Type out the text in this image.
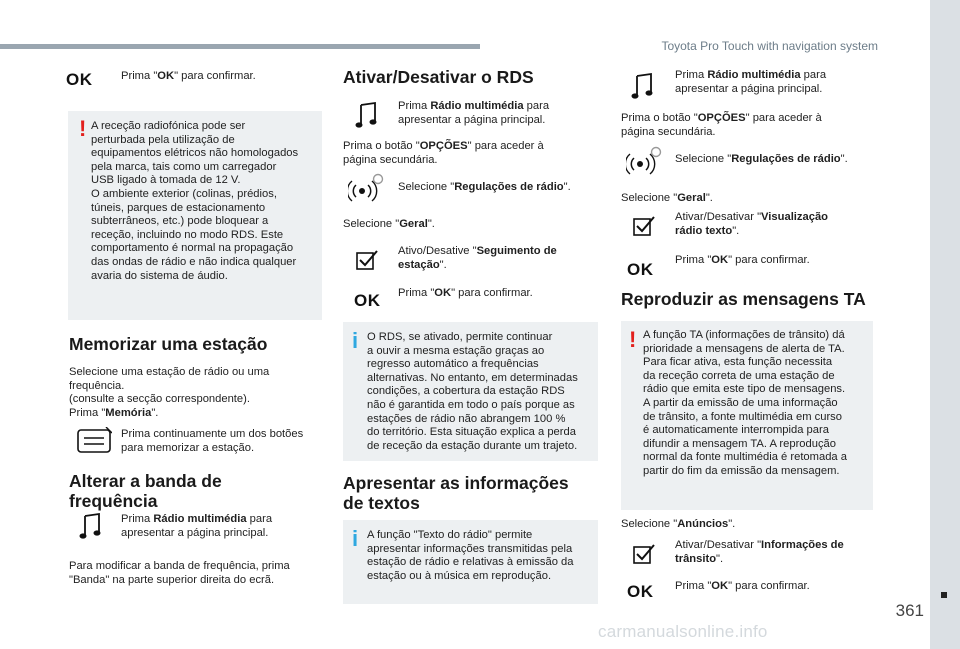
Toyota Pro Touch with navigation system
361
carmanualsonline.info
OK	Prima "OK" para confirmar.
! A receção radiofónica pode ser
perturbada pela utilização de
equipamentos elétricos não homologados
pela marca, tais como um carregador
USB ligado à tomada de 12 V.
O ambiente exterior (colinas, prédios,
túneis, parques de estacionamento
subterrâneos, etc.) pode bloquear a
receção, incluindo no modo RDS. Este
comportamento é normal na propagação
das ondas de rádio e não indica qualquer
avaria do sistema de áudio.
Memorizar uma estação
Selecione uma estação de rádio ou uma
frequência.
(consulte a secção correspondente).
Prima "Memória".
Prima continuamente um dos botões
para memorizar a estação.
Alterar a banda de
frequência
Prima Rádio multimédia para
apresentar a página principal.
Para modificar a banda de frequência, prima
"Banda" na parte superior direita do ecrã.
Ativar/Desativar o RDS
Prima Rádio multimédia para
apresentar a página principal.
Prima o botão "OPÇÕES" para aceder à
página secundária.
Selecione "Regulações de rádio".
Selecione "Geral".
Ativo/Desative "Seguimento de
estação".
OK Prima "OK" para confirmar.
i O RDS, se ativado, permite continuar
a ouvir a mesma estação graças ao
regresso automático a frequências
alternativas. No entanto, em determinadas
condições, a cobertura da estação RDS
não é garantida em todo o país porque as
estações de rádio não abrangem 100 %
do território. Esta situação explica a perda
de receção da estação durante um trajeto.
Apresentar as informações
de textos
i A função "Texto do rádio" permite
apresentar informações transmitidas pela
estação de rádio e relativas à emissão da
estação ou à música em reprodução.
Prima Rádio multimédia para
apresentar a página principal.
Prima o botão "OPÇÕES" para aceder à
página secundária.
Selecione "Regulações de rádio".
Selecione "Geral".
Ativar/Desativar "Visualização
rádio texto".
OK Prima "OK" para confirmar.
Reproduzir as mensagens TA
! A função TA (informações de trânsito) dá
prioridade a mensagens de alerta de TA.
Para ficar ativa, esta função necessita
da receção correta de uma estação de
rádio que emita este tipo de mensagens.
A partir da emissão de uma informação
de trânsito, a fonte multimédia em curso
é automaticamente interrompida para
difundir a mensagem TA. A reprodução
normal da fonte multimédia é retomada a
partir do fim da emissão da mensagem.
Selecione "Anúncios".
Ativar/Desativar "Informações de
trânsito".
OK Prima "OK" para confirmar.
